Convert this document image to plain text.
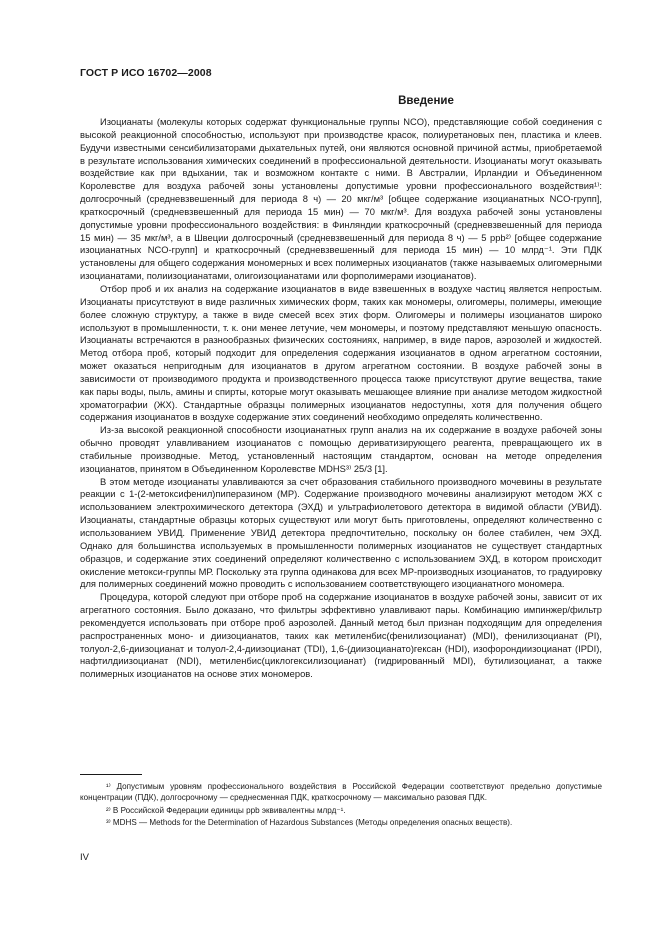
ГОСТ Р ИСО 16702—2008
Введение

Изоцианаты (молекулы которых содержат функциональные группы NCO), представляющие собой соединения с высокой реакционной способностью, используют при производстве красок, полиуретановых пен, пластика и клеев. Будучи известными сенсибилизаторами дыхательных путей, они являются основной причиной астмы, приобретаемой в результате использования химических соединений в профессиональной деятельности. Изоцианаты могут оказывать воздействие как при вдыхании, так и возможном контакте с ними. В Австралии, Ирландии и Объединенном Королевстве для воздуха рабочей зоны установлены допустимые уровни профессионального воздействия¹⁾: долгосрочный (средневзвешенный для периода 8 ч) — 20 мкг/м³ [общее содержание изоцианатных NCO-групп], краткосрочный (средневзвешенный для периода 15 мин) — 70 мкг/м³. Для воздуха рабочей зоны установлены допустимые уровни профессионального воздействия: в Финляндии краткосрочный (средневзвешенный для периода 15 мин) — 35 мкг/м³, а в Швеции долгосрочный (средневзвешенный для периода 8 ч) — 5 ppb²⁾ [общее содержание изоцианатных NCO-групп] и краткосрочный (средневзвешенный для периода 15 мин) — 10 млрд⁻¹. Эти ПДК установлены для общего содержания мономерных и всех полимерных изоцианатов (также называемых олигомерными изоцианатами, полиизоцианатами, олигоизоцианатами или форполимерами изоцианатов).

Отбор проб и их анализ на содержание изоцианатов в виде взвешенных в воздухе частиц является непростым. Изоцианаты присутствуют в виде различных химических форм, таких как мономеры, олигомеры, полимеры, имеющие более сложную структуру, а также в виде смесей всех этих форм. Олигомеры и полимеры изоцианатов широко используют в промышленности, т. к. они менее летучие, чем мономеры, и поэтому представляют меньшую опасность. Изоцианаты встречаются в разнообразных физических состояниях, например, в виде паров, аэрозолей и жидкостей. Метод отбора проб, который подходит для определения содержания изоцианатов в одном агрегатном состоянии, может оказаться непригодным для изоцианатов в другом агрегатном состоянии. В воздухе рабочей зоны в зависимости от производимого продукта и производственного процесса также присутствуют другие вещества, такие как пары воды, пыль, амины и спирты, которые могут оказывать мешающее влияние при анализе методом жидкостной хроматографии (ЖХ). Стандартные образцы полимерных изоцианатов недоступны, хотя для получения общего содержания изоцианатов в воздухе содержание этих соединений необходимо определять количественно.

Из-за высокой реакционной способности изоцианатных групп анализ на их содержание в воздухе рабочей зоны обычно проводят улавливанием изоцианатов с помощью дериватизирующего реагента, превращающего их в стабильные производные. Метод, установленный настоящим стандартом, основан на методе определения изоцианатов, принятом в Объединенном Королевстве MDHS³⁾ 25/3 [1].

В этом методе изоцианаты улавливаются за счет образования стабильного производного мочевины в результате реакции с 1-(2-метоксифенил)пиперазином (МР). Содержание производного мочевины анализируют методом ЖХ с использованием электрохимического детектора (ЭХД) и ультрафиолетового детектора в видимой области (УВИД). Изоцианаты, стандартные образцы которых существуют или могут быть приготовлены, определяют количественно с использованием УВИД. Применение УВИД детектора предпочтительно, поскольку он более стабилен, чем ЭХД. Однако для большинства используемых в промышленности полимерных изоцианатов не существует стандартных образцов, и содержание этих соединений определяют количественно с использованием ЭХД, в котором происходит окисление метокси-группы МР. Поскольку эта группа одинакова для всех МР-производных изоцианатов, то градуировку для полимерных соединений можно проводить с использованием соответствующего изоцианатного мономера.

Процедура, которой следуют при отборе проб на содержание изоцианатов в воздухе рабочей зоны, зависит от их агрегатного состояния. Было доказано, что фильтры эффективно улавливают пары. Комбинацию импинжер/фильтр рекомендуется использовать при отборе проб аэрозолей. Данный метод был признан подходящим для определения распространенных моно- и диизоцианатов, таких как метиленбис(фенилизоцианат) (MDI), фенилизоцианат (PI), толуол-2,6-диизоцианат и толуол-2,4-диизоцианат (TDI), 1,6-(диизоцианато)гексан (HDI), изофорондиизоцианат (IPDI), нафтилдиизоцианат (NDI), метиленбис(циклогексилизоцианат) (гидрированный MDI), бутилизоцианат, а также полимерных изоцианатов на основе этих мономеров.

¹⁾ Допустимым уровням профессионального воздействия в Российской Федерации соответствуют предельно допустимые концентрации (ПДК), долгосрочному — среднесменная ПДК, краткосрочному — максимально разовая ПДК.

²⁾ В Российской Федерации единицы ppb эквивалентны млрд⁻¹.

³⁾ MDHS — Methods for the Determination of Hazardous Substances (Методы определения опасных веществ).

IV
